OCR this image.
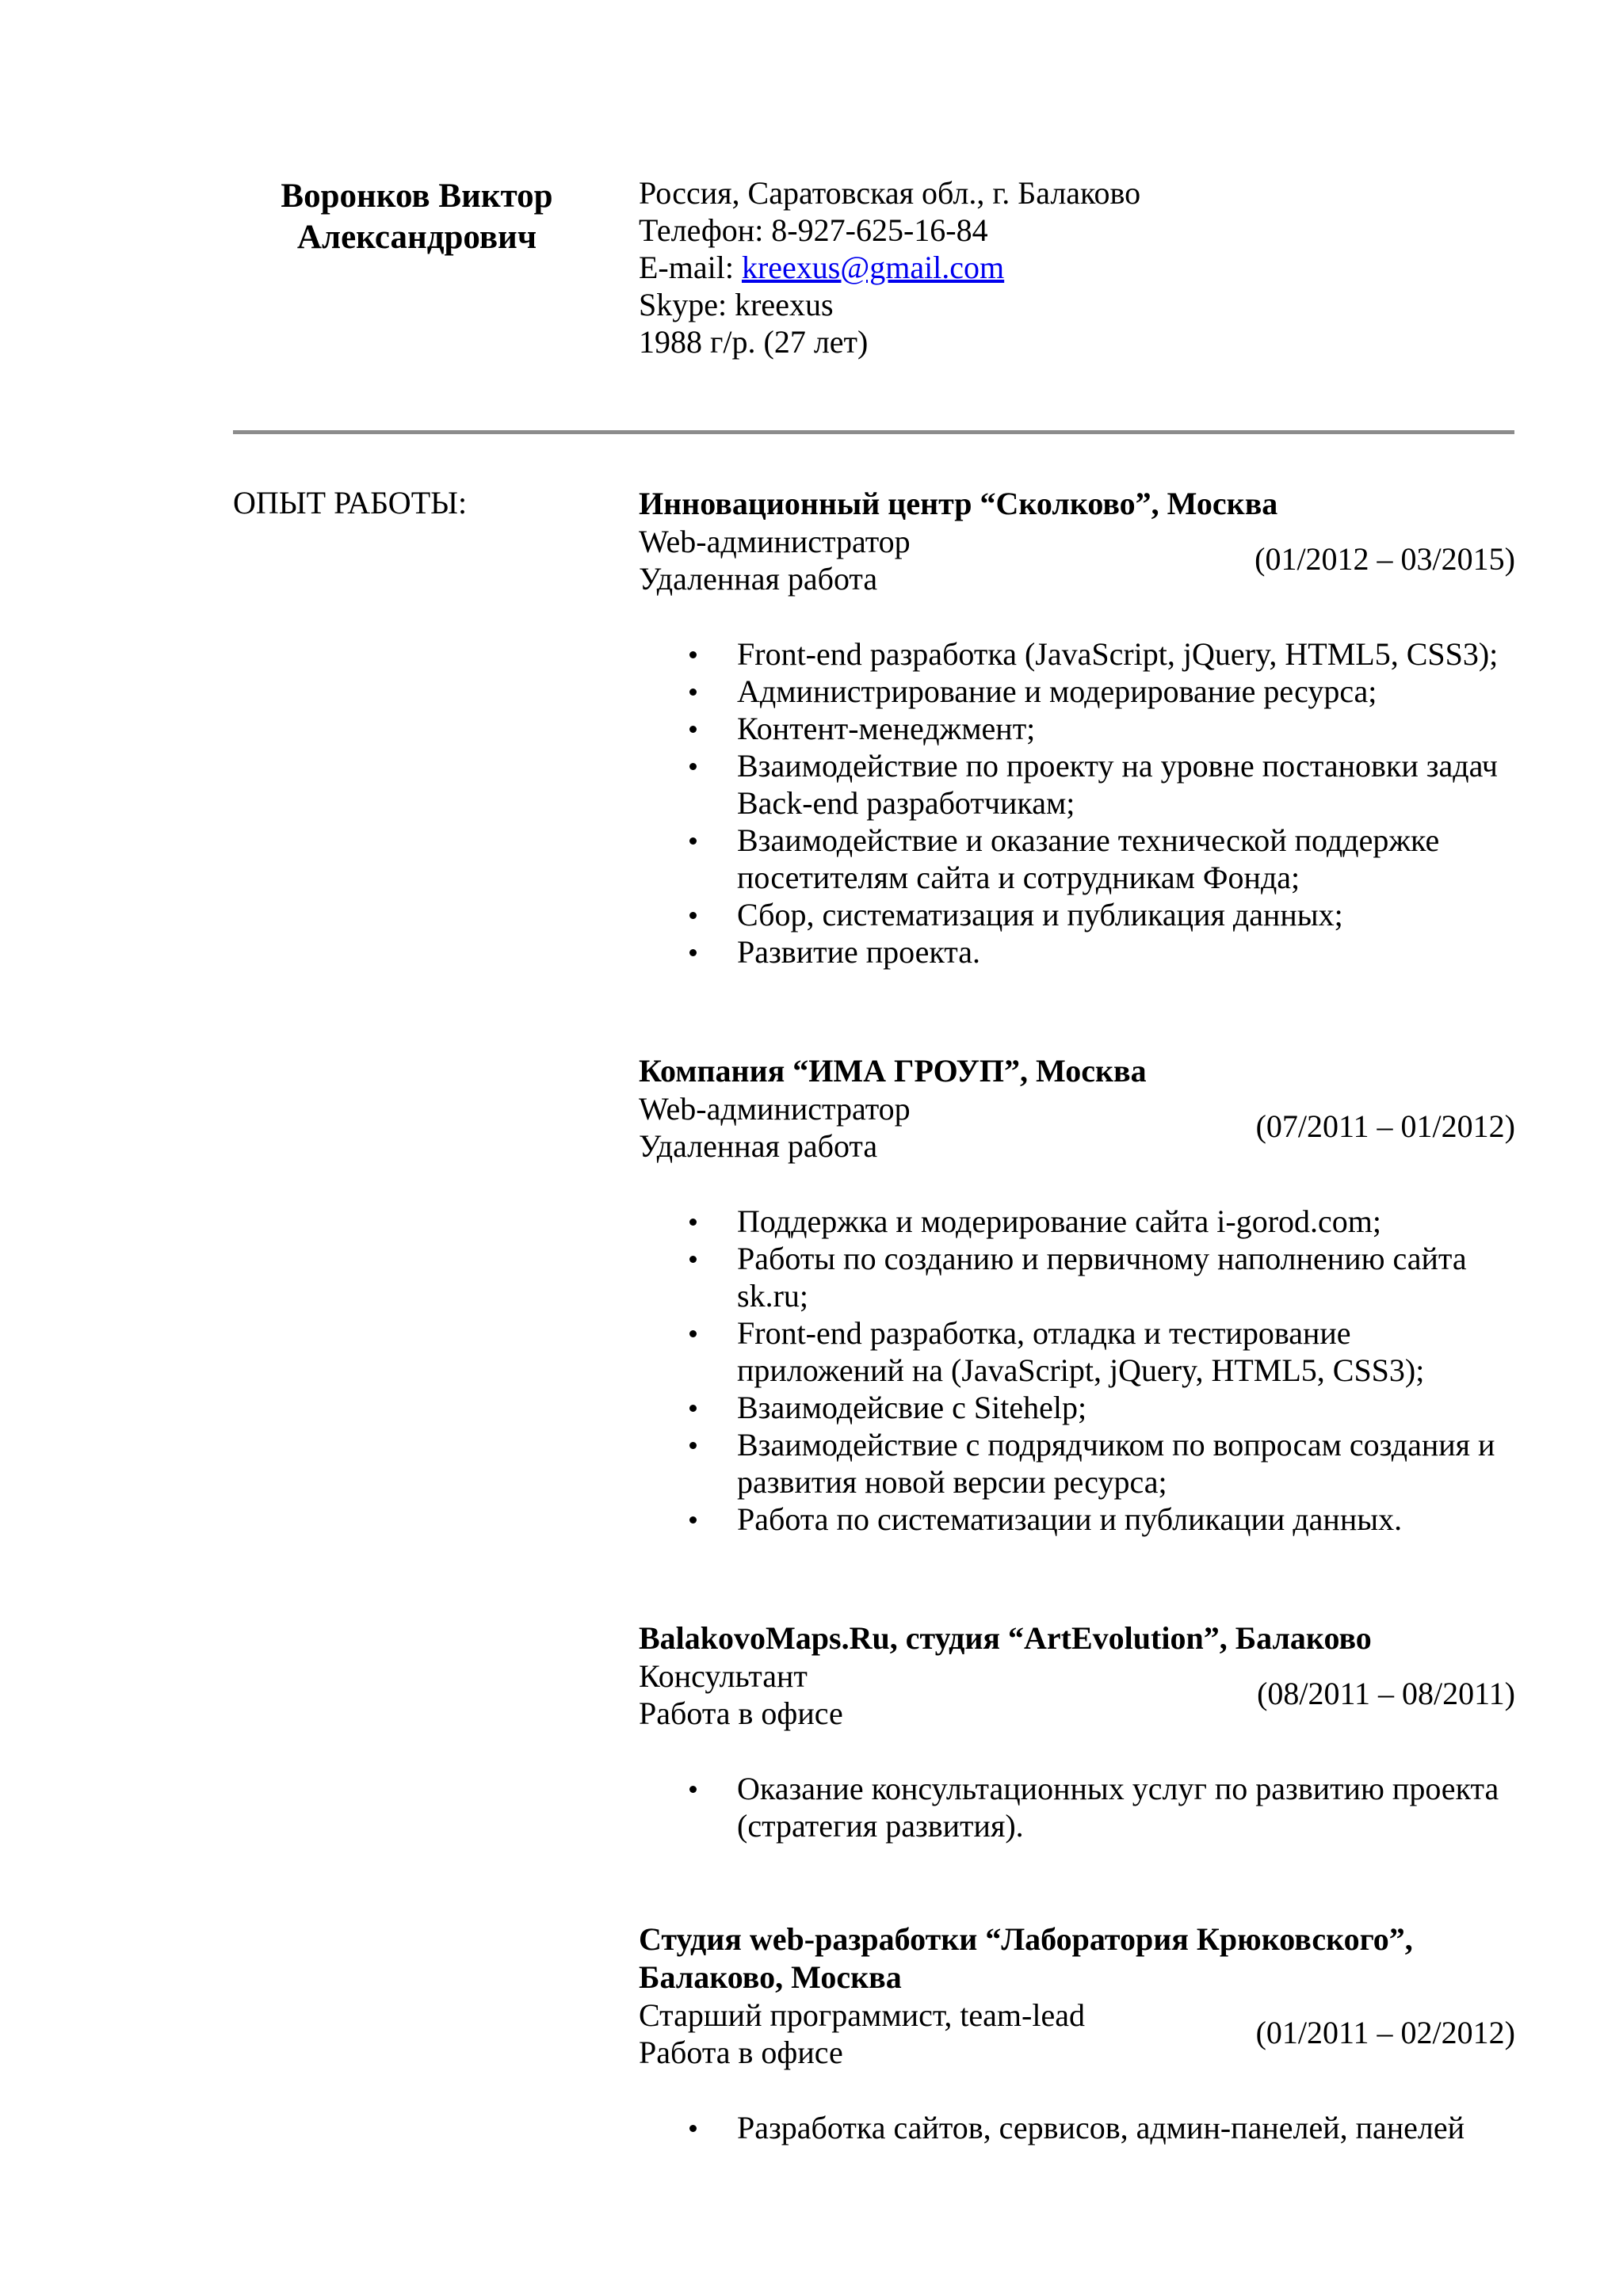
Воронков Виктор
Александрович
Россия, Саратовская обл., г. Балаково
Телефон: 8-927-625-16-84
E-mail: kreexus@gmail.com
Skype: kreexus
1988 г/р. (27 лет)
ОПЫТ РАБОТЫ:	Инновационный центр “Сколково”, Москва
Web-администратор
Удаленная работа
(01/2012 – 03/2015)
Front-end разработка (JavaScript, jQuery, HTML5, CSS3);
Администрирование и модерирование ресурса;
Контент-менеджмент;
Взаимодействие по проекту на уровне постановки задач Back-end разработчикам;
Взаимодействие и оказание технической поддержке посетителям сайта и сотрудникам Фонда;
Сбор, систематизация и публикация данных;
Развитие проекта.
Компания “ИМА ГРОУП”, Москва
Web-администратор
Удаленная работа
(07/2011 – 01/2012)
Поддержка и модерирование сайта i-gorod.com;
Работы по созданию и первичному наполнению сайта sk.ru;
Front-end разработка, отладка и тестирование приложений на (JavaScript, jQuery, HTML5, CSS3);
Взаимодейсвие с Sitehelp;
Взаимодействие с подрядчиком по вопросам создания и развития новой версии ресурса;
Работа по систематизации и публикации данных.
BalakovoMaps.Ru, студия “ArtEvolution”, Балаково
Консультант
Работа в офисе
(08/2011 – 08/2011)
Оказание консультационных услуг по развитию проекта (стратегия развития).
Студия web-разработки “Лаборатория Крюковского”, Балаково, Москва
Старший программист, team-lead
Работа в офисе
(01/2011 – 02/2012)
Разработка сайтов, сервисов, админ-панелей, панелей
